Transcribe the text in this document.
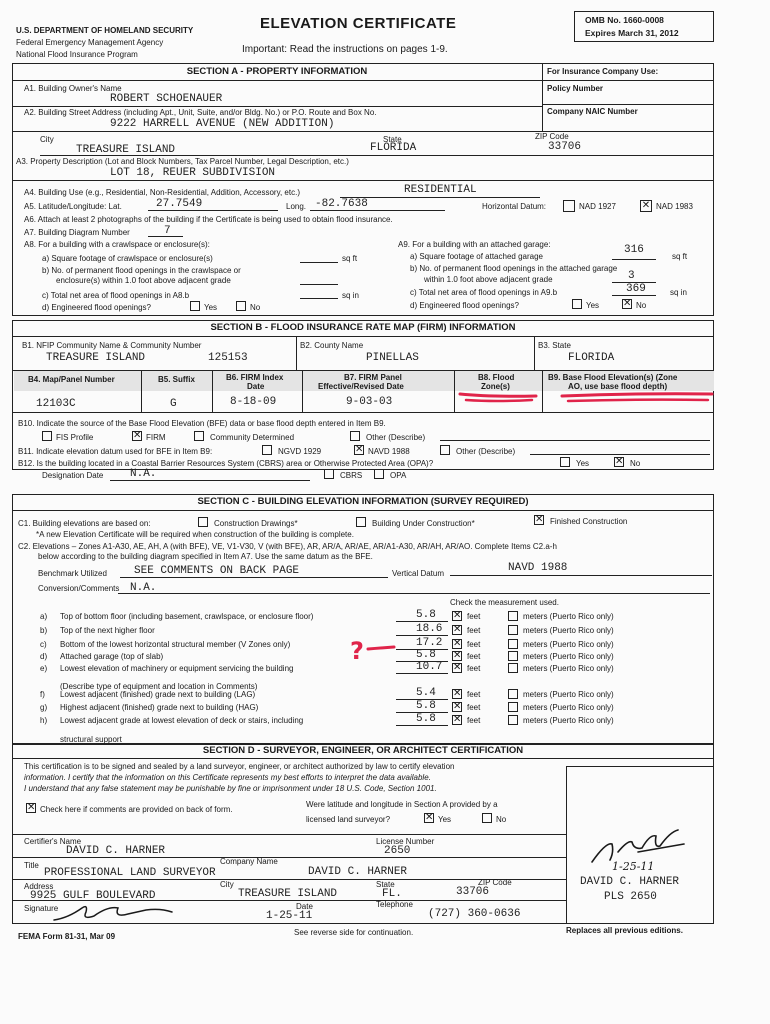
U.S. DEPARTMENT OF HOMELAND SECURITY
Federal Emergency Management Agency
National Flood Insurance Program
ELEVATION CERTIFICATE
Important: Read the instructions on pages 1-9.
OMB No. 1660-0008
Expires March 31, 2012
SECTION A - PROPERTY INFORMATION	For Insurance Company Use:
Policy Number
Company NAIC Number
A1. Building Owner's Name
ROBERT SCHOENAUER
A2. Building Street Address (including Apt., Unit, Suite, and/or Bldg. No.) or P.O. Route and Box No.
9222 HARRELL AVENUE (NEW ADDITION)
City
TREASURE ISLAND
State
FLORIDA
ZIP Code
33706
A3. Property Description (Lot and Block Numbers, Tax Parcel Number, Legal Description, etc.)
LOT 18, REUER SUBDIVISION
A4. Building Use (e.g., Residential, Non-Residential, Addition, Accessory, etc.)	RESIDENTIAL
A5. Latitude/Longitude: Lat.	27.7549	Long. -82.7638	Horizontal Datum:	NAD 1927	✕ NAD 1983
A6. Attach at least 2 photographs of the building if the Certificate is being used to obtain flood insurance.
A7. Building Diagram Number	7
A8. For a building with a crawlspace or enclosure(s):
a) Square footage of crawlspace or enclosure(s)	sq ft
b) No. of permanent flood openings in the crawlspace or
enclosure(s) within 1.0 foot above adjacent grade
c) Total net area of flood openings in A8.b	sq in
d) Engineered flood openings?	Yes	No
A9. For a building with an attached garage:
a) Square footage of attached garage
316
sq ft
b) No. of permanent flood openings in the attached garage
within 1.0 foot above adjacent grade	3
c) Total net area of flood openings in A9.b	369	sq in
d) Engineered flood openings?	Yes ✕ No
SECTION B - FLOOD INSURANCE RATE MAP (FIRM) INFORMATION
B1. NFIP Community Name & Community Number
TREASURE ISLAND	125153
B2. County Name
PINELLAS
B3. State
FLORIDA
B4. Map/Panel Number
12103C
B5. Suffix
G
B6. FIRM Index
Date
8-18-09
B7. FIRM Panel
Effective/Revised Date
9-03-03
B8. Flood
Zone(s)
B9. Base Flood Elevation(s) (Zone
AO, use base flood depth)
B10. Indicate the source of the Base Flood Elevation (BFE) data or base flood depth entered in Item B9.
FIS Profile	✕ FIRM	Community Determined	Other (Describe)
B11. Indicate elevation datum used for BFE in Item B9:	NGVD 1929	✕ NAVD 1988	Other (Describe)
B12. Is the building located in a Coastal Barrier Resources System (CBRS) area or Otherwise Protected Area (OPA)?	Yes	✕ No
Designation Date N.A.	CBRS	OPA
SECTION C - BUILDING ELEVATION INFORMATION (SURVEY REQUIRED)
C1. Building elevations are based on:	Construction Drawings*	Building Under Construction*	✕ Finished Construction
*A new Elevation Certificate will be required when construction of the building is complete.
C2. Elevations – Zones A1-A30, AE, AH, A (with BFE), VE, V1-V30, V (with BFE), AR, AR/A, AR/AE, AR/A1-A30, AR/AH, AR/AO. Complete Items C2.a-h
below according to the building diagram specified in Item A7. Use the same datum as the BFE.
Benchmark Utilized SEE COMMENTS ON BACK PAGE	Vertical Datum	NAVD 1988
Conversion/Comments N.A.
Check the measurement used.
a) Top of bottom floor (including basement, crawlspace, or enclosure floor)	5.8 ✕ feet	meters (Puerto Rico only)
b) Top of the next higher floor	18.6 ✕ feet	meters (Puerto Rico only)
c) Bottom of the lowest horizontal structural member (V Zones only)	17.2 ✕ feet	meters (Puerto Rico only)
d) Attached garage (top of slab)	5.8 ✕ feet	meters (Puerto Rico only)
e) Lowest elevation of machinery or equipment servicing the building	10.7 ✕ feet	meters (Puerto Rico only)
f) Lowest adjacent (finished) grade next to building (LAG)	5.4 ✕ feet	meters (Puerto Rico only)
g) Highest adjacent (finished) grade next to building (HAG)	5.8 ✕ feet	meters (Puerto Rico only)
h) Lowest adjacent grade at lowest elevation of deck or stairs, including	5.8 ✕ feet	meters (Puerto Rico only)
(Describe type of equipment and location in Comments)
structural support
?
SECTION D - SURVEYOR, ENGINEER, OR ARCHITECT CERTIFICATION
This certification is to be signed and sealed by a land surveyor, engineer, or architect authorized by law to certify elevation
information. I certify that the information on this Certificate represents my best efforts to interpret the data available.
I understand that any false statement may be punishable by fine or imprisonment under 18 U.S. Code, Section 1001.
✕ Check here if comments are provided on back of form.
Were latitude and longitude in Section A provided by a
licensed land surveyor?	✕ Yes	No
1-25-11
DAVID C. HARNER
PLS 2650
Certifier's Name
DAVID C. HARNER
License Number
2650
Title	Company Name
PROFESSIONAL LAND SURVEYOR	DAVID C. HARNER
Address	City	State	ZIP Code
9925 GULF BOULEVARD	TREASURE ISLAND	FL.	33706
Signature	Date
1-25-11
Telephone
(727) 360-0636
FEMA Form 81-31, Mar 09	See reverse side for continuation.	Replaces all previous editions.
